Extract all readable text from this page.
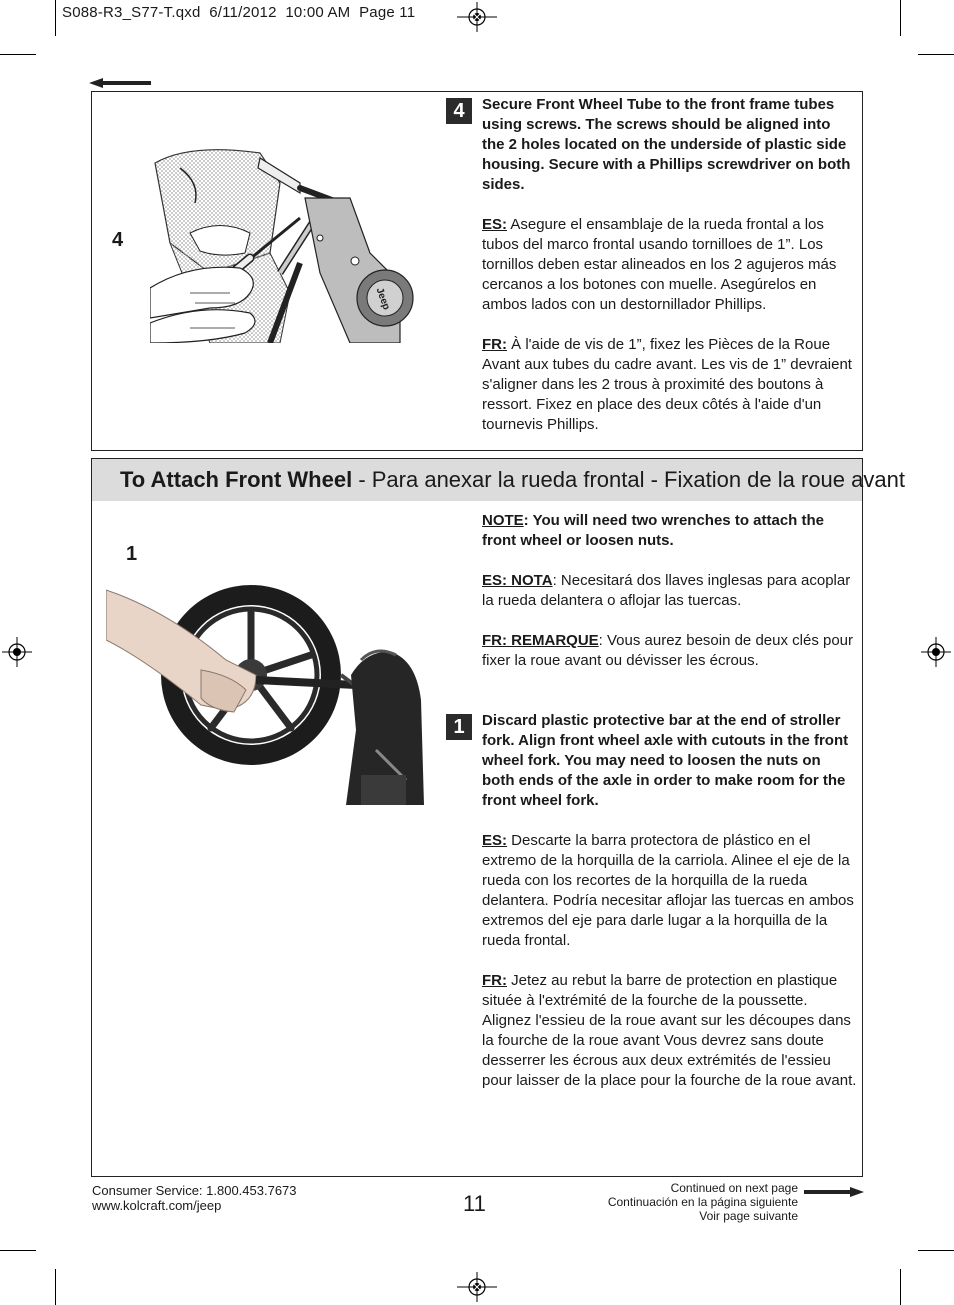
S088-R3_S77-T.qxd  6/11/2012  10:00 AM  Page 11
4
Jeep
4	Secure Front Wheel Tube to the front frame tubes using screws. The screws should be aligned into the 2 holes located on the underside of plastic side housing. Secure with a Phillips screwdriver on both sides.

ES: Asegure el ensamblaje de la rueda frontal a los tubos del marco frontal usando tornilloes de 1”. Los tornillos deben estar alineados en los 2 agujeros más cercanos a los botones con muelle. Asegúrelos en ambos lados con un destornillador Phillips.

FR: À l'aide de vis de 1”, fixez les Pièces de la Roue Avant aux tubes du cadre avant. Les vis de 1” devraient s'aligner dans les 2 trous à proximité des boutons à ressort. Fixez en place des deux côtés à l'aide d'un tournevis Phillips.

To Attach Front Wheel - Para anexar la rueda frontal - Fixation de la roue avant
1

NOTE: You will need two wrenches to attach the front wheel or loosen nuts.

ES: NOTA: Necesitará dos llaves inglesas para acoplar la rueda delantera o aflojar las tuercas.

FR: REMARQUE: Vous aurez besoin de deux clés pour fixer la roue avant ou dévisser les écrous.

1	Discard plastic protective bar at the end of stroller fork. Align front wheel axle with cutouts in the front wheel fork. You may need to loosen the nuts on both ends of the axle in order to make room for the front wheel fork.

ES: Descarte la barra protectora de plástico en el extremo de la horquilla de la carriola. Alinee el eje de la rueda con los recortes de la horquilla de la rueda delantera. Podría necesitar aflojar las tuercas en ambos extremos del eje para darle lugar a la horquilla de la rueda frontal.

FR: Jetez au rebut la barre de protection en plastique située à l'extrémité de la fourche de la poussette. Alignez l'essieu de la roue avant sur les découpes dans la fourche de la roue avant Vous devrez sans doute desserrer les écrous aux deux extrémités de l'essieu pour laisser de la place pour la fourche de la roue avant.

Consumer Service: 1.800.453.7673
www.kolcraft.com/jeep	11
Continued on next page
Continuación en la página siguiente
Voir page suivante
